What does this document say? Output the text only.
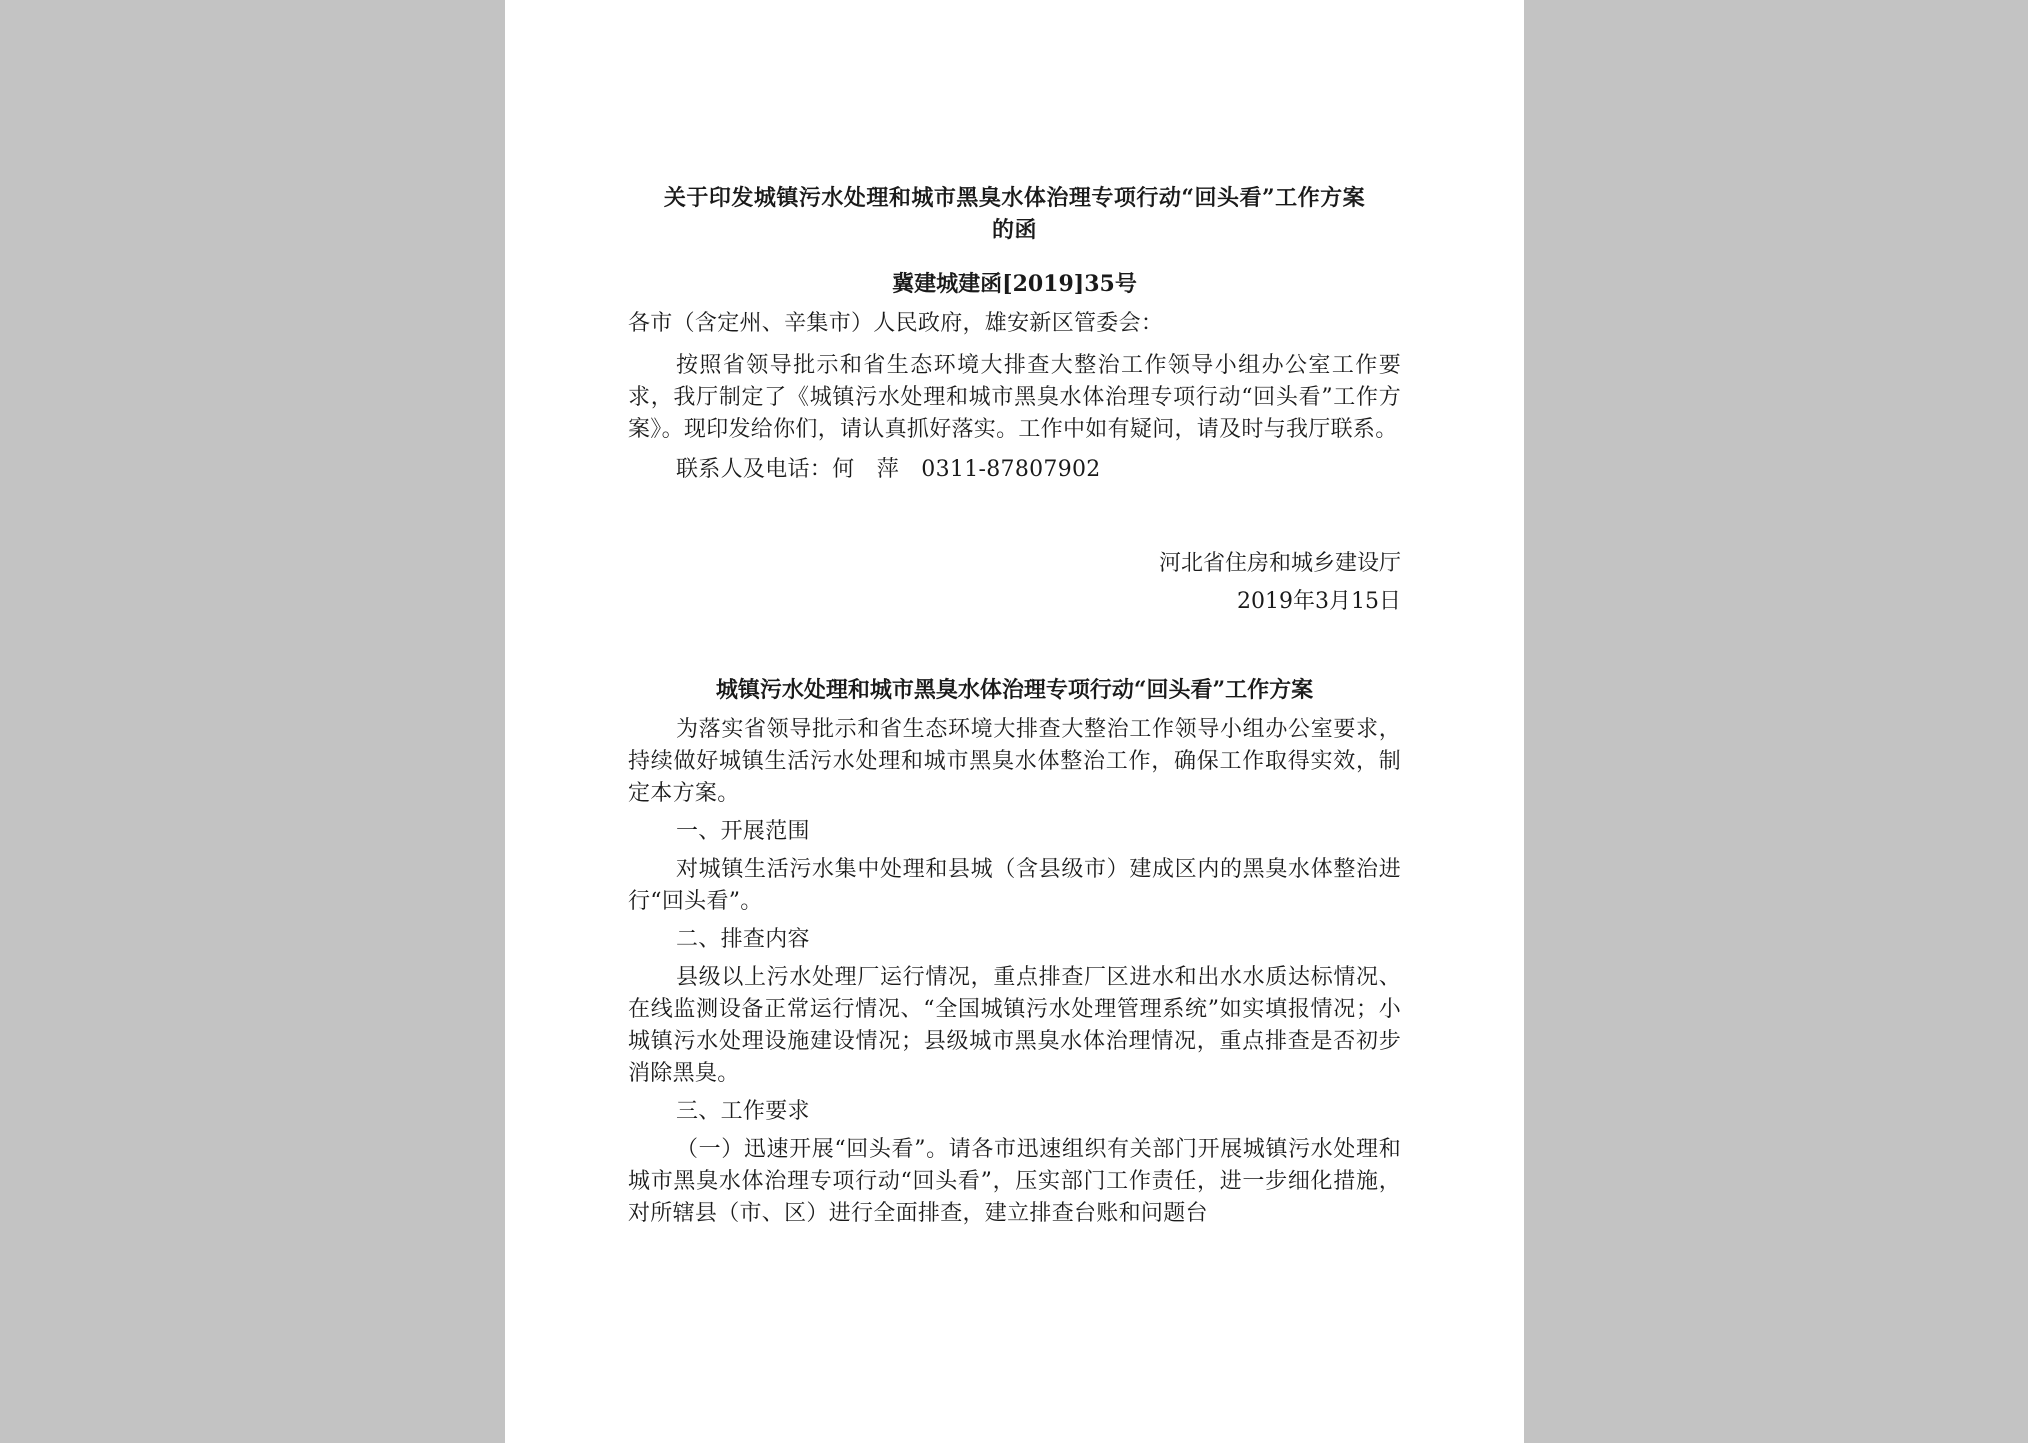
关于印发城镇污水处理和城市黑臭水体治理专项行动“回头看”工作方案

的函

冀建城建函[2019]35号

各市（含定州、辛集市）人民政府，雄安新区管委会：

按照省领导批示和省生态环境大排查大整治工作领导小组办公室工作要求，我厅制定了《城镇污水处理和城市黑臭水体治理专项行动“回头看”工作方案》。现印发给你们，请认真抓好落实。工作中如有疑问，请及时与我厅联系。

联系人及电话：何　萍　0311-87807902

河北省住房和城乡建设厅

2019年3月15日

城镇污水处理和城市黑臭水体治理专项行动“回头看”工作方案

为落实省领导批示和省生态环境大排查大整治工作领导小组办公室要求，持续做好城镇生活污水处理和城市黑臭水体整治工作，确保工作取得实效，制定本方案。

一、开展范围

对城镇生活污水集中处理和县城（含县级市）建成区内的黑臭水体整治进行“回头看”。

二、排查内容

县级以上污水处理厂运行情况，重点排查厂区进水和出水水质达标情况、在线监测设备正常运行情况、“全国城镇污水处理管理系统”如实填报情况；小城镇污水处理设施建设情况；县级城市黑臭水体治理情况，重点排查是否初步消除黑臭。

三、工作要求

（一）迅速开展“回头看”。请各市迅速组织有关部门开展城镇污水处理和城市黑臭水体治理专项行动“回头看”，压实部门工作责任，进一步细化措施，对所辖县（市、区）进行全面排查，建立排查台账和问题台
